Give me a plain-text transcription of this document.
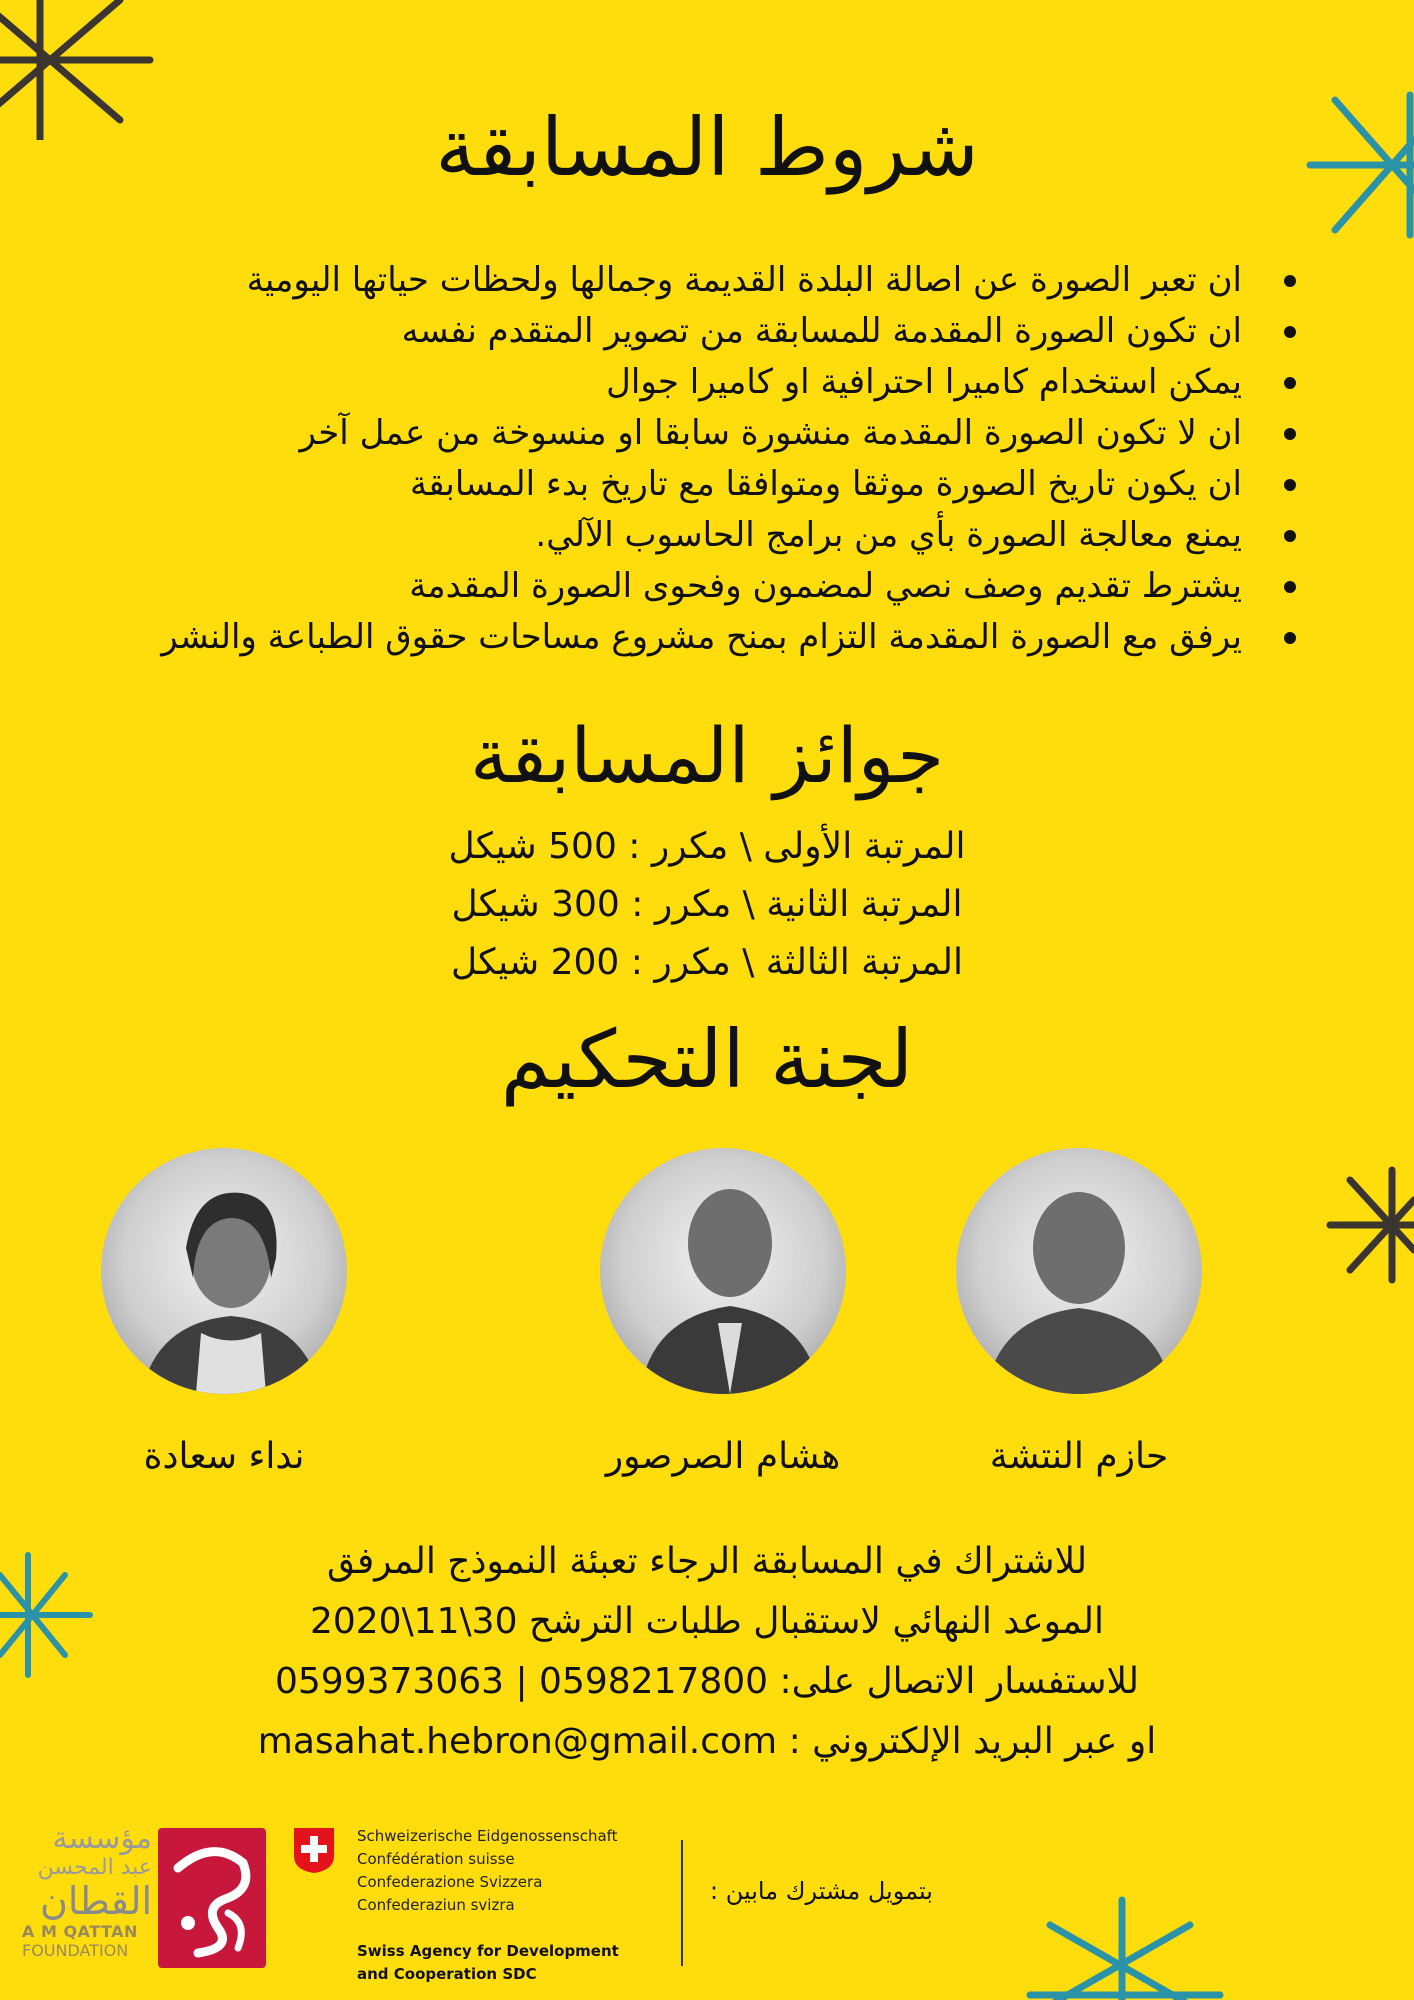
شروط المسابقة
ان تعبر الصورة عن اصالة البلدة القديمة وجمالها ولحظات حياتها اليومية
ان تكون الصورة المقدمة للمسابقة من تصوير المتقدم نفسه
يمكن استخدام كاميرا احترافية او كاميرا جوال
ان لا تكون الصورة المقدمة منشورة سابقا او منسوخة من عمل آخر
ان يكون تاريخ الصورة موثقا ومتوافقا مع تاريخ بدء المسابقة
يمنع معالجة الصورة بأي من برامج الحاسوب الآلي.
يشترط تقديم وصف نصي لمضمون وفحوى الصورة المقدمة
يرفق مع الصورة المقدمة التزام بمنح مشروع مساحات حقوق الطباعة والنشر
جوائز المسابقة
المرتبة الأولى \ مكرر : 500 شيكل
المرتبة الثانية \ مكرر : 300 شيكل
المرتبة الثالثة \ مكرر : 200 شيكل
لجنة التحكيم
حازم النتشة
هشام الصرصور
نداء سعادة
للاشتراك في المسابقة الرجاء تعبئة النموذج المرفق
الموعد النهائي لاستقبال طلبات الترشح 30\11\2020
للاستفسار الاتصال على: 0598217800 | 0599373063
او عبر البريد الإلكتروني : masahat.hebron@gmail.com
بتمويل مشترك مابين :
Schweizerische Eidgenossenschaft
Confédération suisse
Confederazione Svizzera
Confederaziun svizra
Swiss Agency for Development
and Cooperation SDC
مؤسسة
عبد المحسن
القطان
A M QATTAN
FOUNDATION
